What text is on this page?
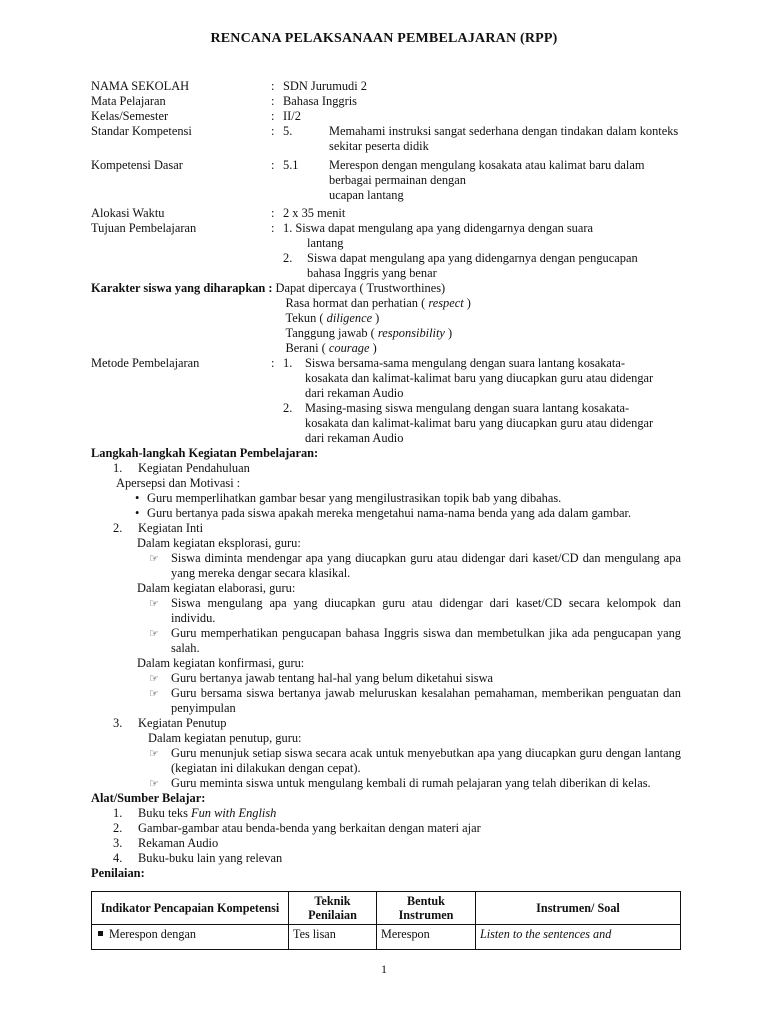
RENCANA PELAKSANAAN PEMBELAJARAN (RPP)
NAMA SEKOLAH	: SDN Jurumudi 2
Mata Pelajaran	: Bahasa Inggris
Kelas/Semester	: II/2
Standar Kompetensi	: 5.	Memahami instruksi sangat sederhana dengan tindakan dalam konteks sekitar peserta didik
Kompetensi Dasar	: 5.1	Merespon dengan mengulang kosakata atau kalimat baru dalam berbagai permainan dengan
ucapan lantang
Alokasi Waktu	: 2 x 35 menit
Tujuan Pembelajaran	: 1. Siswa dapat mengulang apa yang didengarnya dengan suara
lantang
2.	Siswa dapat mengulang apa yang didengarnya dengan pengucapan bahasa Inggris yang benar
Karakter siswa yang diharapkan : Dapat dipercaya ( Trustworthines)
Rasa hormat dan perhatian ( respect )
Tekun ( diligence )
Tanggung jawab ( responsibility )
Berani ( courage )
Metode Pembelajaran	: 1.	Siswa bersama-sama mengulang dengan suara lantang kosakata-kosakata dan kalimat-kalimat baru yang diucapkan guru atau didengar dari rekaman Audio
2.	Masing-masing siswa mengulang dengan suara lantang kosakata-kosakata dan kalimat-kalimat baru yang diucapkan guru atau didengar dari rekaman Audio
Langkah-langkah Kegiatan Pembelajaran:
1.	Kegiatan Pendahuluan
Apersepsi dan Motivasi :
• Guru memperlihatkan gambar besar yang mengilustrasikan topik bab yang dibahas.
• Guru bertanya pada siswa apakah mereka mengetahui nama-nama benda yang ada dalam gambar.
2.	Kegiatan Inti
Dalam kegiatan eksplorasi, guru:
☞ Siswa diminta mendengar apa yang diucapkan guru atau didengar dari kaset/CD dan mengulang apa yang mereka dengar secara klasikal.
Dalam kegiatan elaborasi, guru:
☞ Siswa mengulang apa yang diucapkan guru atau didengar dari kaset/CD secara kelompok dan individu.
☞ Guru memperhatikan pengucapan bahasa Inggris siswa dan membetulkan jika ada pengucapan yang salah.
Dalam kegiatan konfirmasi, guru:
☞ Guru bertanya jawab tentang hal-hal yang belum diketahui siswa
☞ Guru bersama siswa bertanya jawab meluruskan kesalahan pemahaman, memberikan penguatan dan penyimpulan
3.	Kegiatan Penutup
Dalam kegiatan penutup, guru:
☞ Guru menunjuk setiap siswa secara acak untuk menyebutkan apa yang diucapkan guru dengan lantang (kegiatan ini dilakukan dengan cepat).
☞ Guru meminta siswa untuk mengulang kembali di rumah pelajaran yang telah diberikan di kelas.
Alat/Sumber Belajar:
1.	Buku teks Fun with English
2.	Gambar-gambar atau benda-benda yang berkaitan dengan materi ajar
3.	Rekaman Audio
4.	Buku-buku lain yang relevan
Penilaian:
Indikator Pencapaian Kompetensi	Teknik Penilaian	Bentuk Instrumen	Instrumen/ Soal
Merespon dengan	Tes lisan	Merespon	Listen to the sentences and
1
